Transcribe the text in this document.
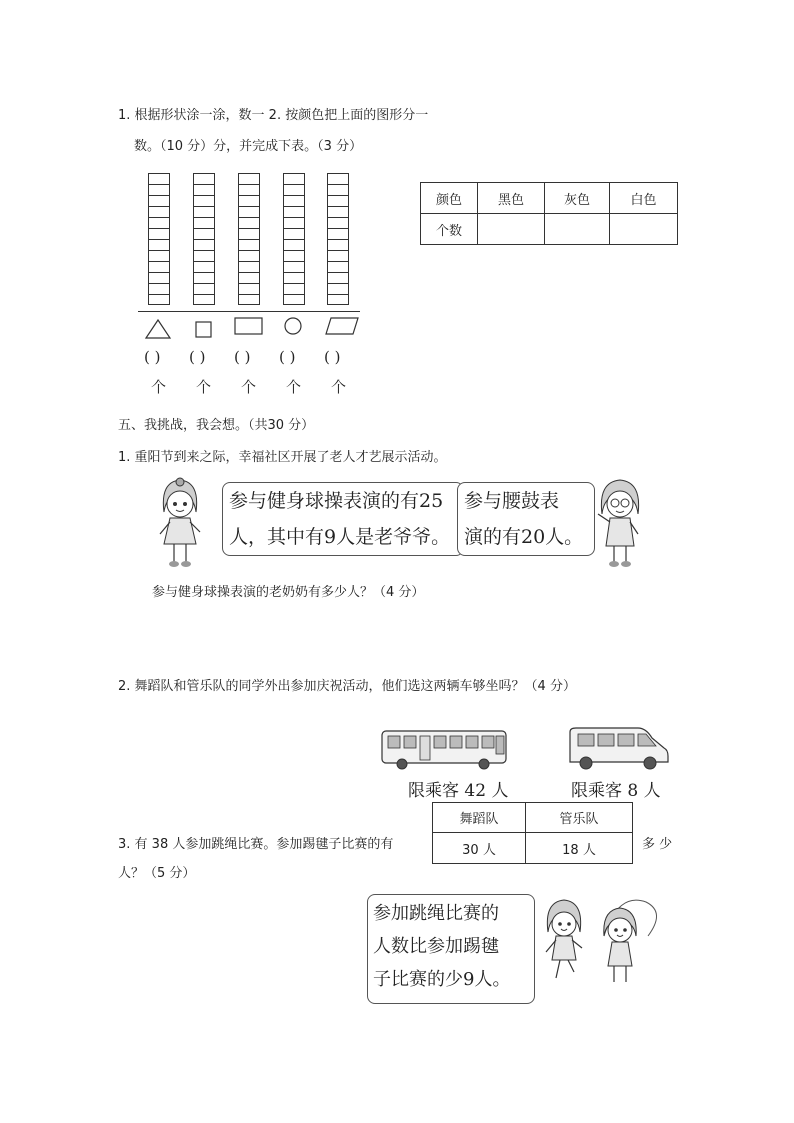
1. 根据形状涂一涂，数一 2. 按颜色把上面的图形分一
数。（10 分）分，并完成下表。（3 分）
( ) ( ) ( ) ( ) ( )
个 个 个 个 个
颜色	黑色	灰色	白色
个数			
五、我挑战，我会想。（共30 分）
1. 重阳节到来之际，幸福社区开展了老人才艺展示活动。
参与健身球操表演的有25
人，其中有9人是老爷爷。
参与腰鼓表
演的有20人。
参与健身球操表演的老奶奶有多少人？（4 分）
2. 舞蹈队和管乐队的同学外出参加庆祝活动，他们选这两辆车够坐吗？（4 分）
限乘客 42 人	限乘客 8 人
3. 有 38 人参加跳绳比赛。参加踢毽子比赛的有
舞蹈队	管乐队
30 人	18 人	多 少
人？（5 分）
参加跳绳比赛的
人数比参加踢毽
子比赛的少9人。
